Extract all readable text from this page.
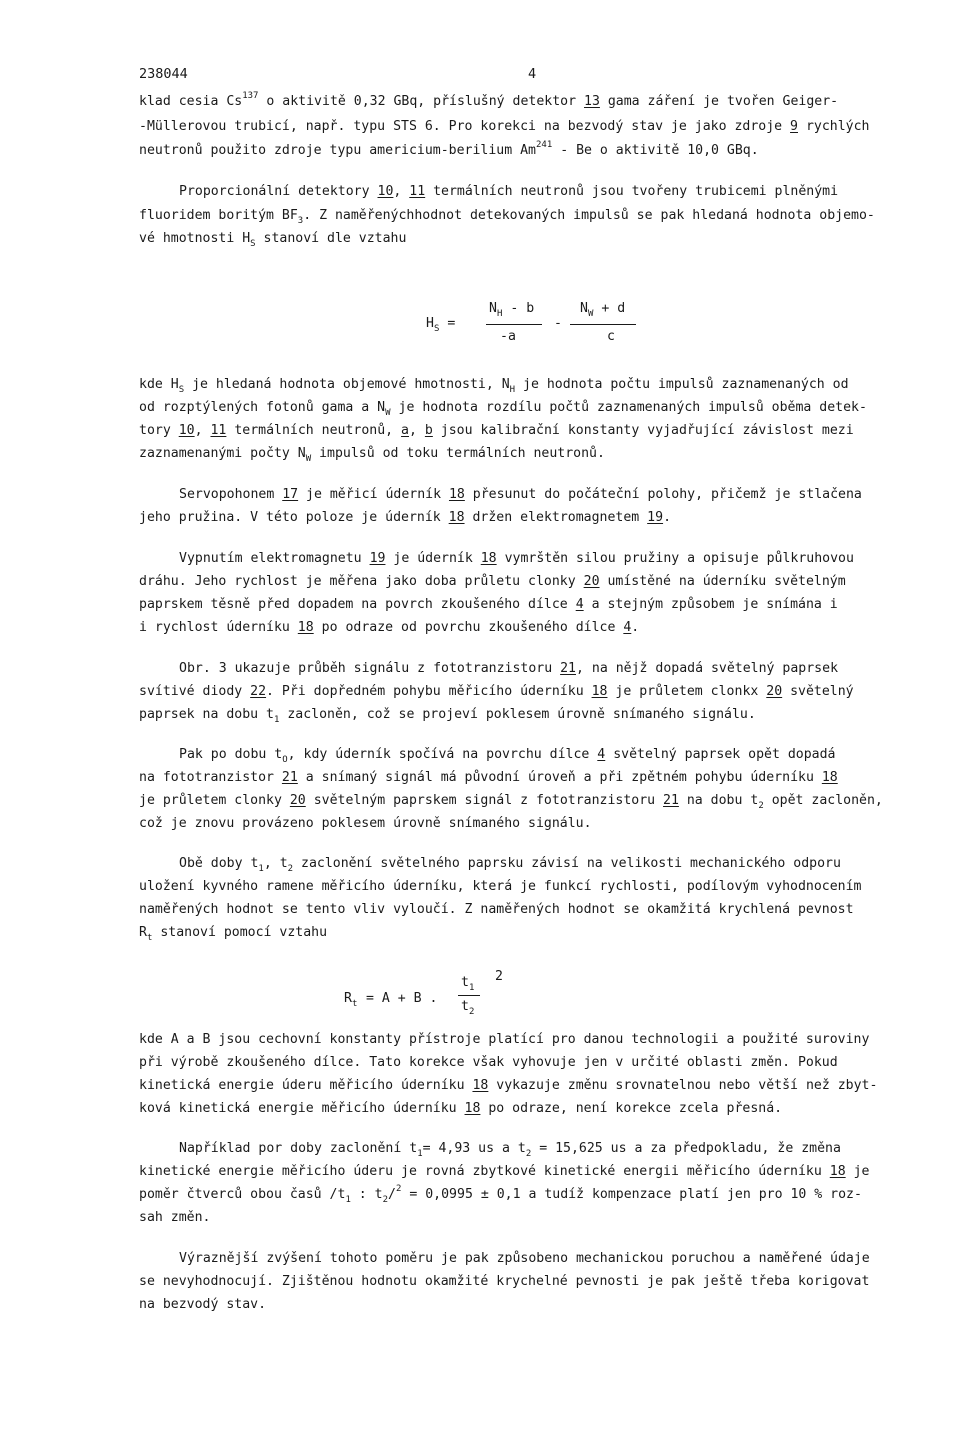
238044	4
klad cesia Cs$^{137}$ o aktivitě 0,32 GBq, příslušný detektor 13 gama záření je tvořen Geiger-
-Müllerovou trubicí, např. typu STS 6. Pro korekci na bezvodý stav je jako zdroje 9 rychlých
neutronů použito zdroje typu americium-berilium Am$^{241}$ - Be o aktivitě 10,0 GBq.
Proporcionální detektory 10, 11 termálních neutronů jsou tvořeny trubicemi plněnými
fluoridem boritým $BF_3$. Z naměřenýchhodnot detekovaných impulsů se pak hledaná hodnota objemo-
vé hmotnosti $H_S$ stanoví dle vztahu
$H_S$ =
$N_H$ - b
-a
-
$N_W + d$
c
kde $H_S$ je hledaná hodnota objemové hmotnosti, $N_H$ je hodnota počtu impulsů zaznamenaných od
od rozptýlených fotonů gama a $N_W$ je hodnota rozdílu počtů zaznamenaných impulsů oběma detek-
tory 10, 11 termálních neutronů, a, b jsou kalibrační konstanty vyjadřující závislost mezi
zaznamenanými počty $N_W$ impulsů od toku termálních neutronů.
Servopohonem 17 je měřicí úderník 18 přesunut do počáteční polohy, přičemž je stlačena
jeho pružina. V této poloze je úderník 18 držen elektromagnetem 19.
Vypnutím elektromagnetu 19 je úderník 18 vymrštěn silou pružiny a opisuje půlkruhovou
dráhu. Jeho rychlost je měřena jako doba průletu clonky 20 umístěné na úderníku světelným
paprskem těsně před dopadem na povrch zkoušeného dílce 4 a stejným způsobem je snímána i
i rychlost úderníku 18 po odraze od povrchu zkoušeného dílce 4.
Obr. 3 ukazuje průběh signálu z fototranzistoru 21, na nějž dopadá světelný paprsek
svítivé diody 22. Při dopředném pohybu měřicího úderníku 18 je průletem clonkx 20 světelný
paprsek na dobu $t_1$ zacloněn, což se projeví poklesem úrovně snímaného signálu.
Pak po dobu $t_O$, kdy úderník spočívá na povrchu dílce 4 světelný paprsek opět dopadá
na fototranzistor 21 a snímaný signál má původní úroveň a při zpětném pohybu úderníku 18
je průletem clonky 20 světelným paprskem signál z fototranzistoru 21 na dobu $t_2$ opět zacloněn,
což je znovu provázeno poklesem úrovně snímaného signálu.
Obě doby $t_1$, $t_2$ zaclonění světelného paprsku závisí na velikosti mechanického odporu
uložení kyvného ramene měřicího úderníku, která je funkcí rychlosti, podílovým vyhodnocením
naměřených hodnot se tento vliv vyloučí. Z naměřených hodnot se okamžitá krychlená pevnost
$R_t$ stanoví pomocí vztahu
$R_t = A + B$ .
$t_1$
$t_2$
2
kde A a B jsou cechovní konstanty přístroje platící pro danou technologii a použité suroviny
při výrobě zkoušeného dílce. Tato korekce však vyhovuje jen v určité oblasti změn. Pokud
kinetická energie úderu měřicího úderníku 18 vykazuje změnu srovnatelnou nebo větší než zbyt-
ková kinetická energie měřicího úderníku 18 po odraze, není korekce zcela přesná.
Například por doby zaclonění $t_1= 4,93$ us a $t_2 = 15,625$ us a za předpokladu, že změna
kinetické energie měřicího úderu je rovná zbytkové kinetické energii měřicího úderníku 18 je
poměr čtverců obou časů $/t_1$ : $t_2/^2 = 0,0995 \pm 0,1$ a tudíž kompenzace platí jen pro 10 % roz-
sah změn.
Výraznější zvýšení tohoto poměru je pak způsobeno mechanickou poruchou a naměřené údaje
se nevyhodnocují. Zjištěnou hodnotu okamžité krychelné pevnosti je pak ještě třeba korigovat
na bezvodý stav.
